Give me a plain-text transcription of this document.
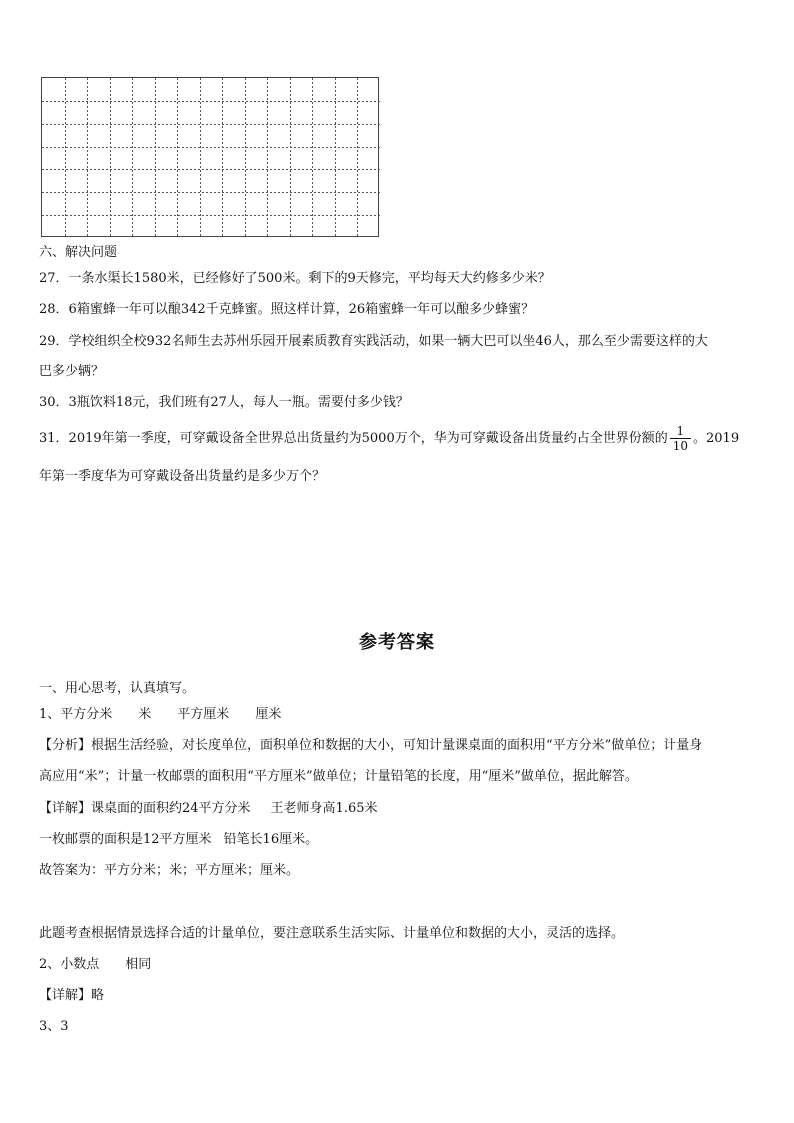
六、解决问题
27．一条水渠长1580米，已经修好了500米。剩下的9天修完，平均每天大约修多少米？
28．6箱蜜蜂一年可以酿342千克蜂蜜。照这样计算，26箱蜜蜂一年可以酿多少蜂蜜？
29．学校组织全校932名师生去苏州乐园开展素质教育实践活动，如果一辆大巴可以坐46人，那么至少需要这样的大
巴多少辆？
30．3瓶饮料18元，我们班有27人，每人一瓶。需要付多少钱？
31．2019年第一季度，可穿戴设备全世界总出货量约为5000万个，华为可穿戴设备出货量约占全世界份额的 $\frac{1}{10}$ 。2019
年第一季度华为可穿戴设备出货量约是多少万个？
参考答案
一、用心思考，认真填写。
1、平方分米 米 平方厘米 厘米
【分析】根据生活经验，对长度单位，面积单位和数据的大小，可知计量课桌面的面积用“平方分米”做单位；计量身
高应用“米”；计量一枚邮票的面积用“平方厘米”做单位；计量铅笔的长度，用“厘米”做单位，据此解答。
【详解】课桌面的面积约24平方分米 王老师身高1.65米
一枚邮票的面积是12平方厘米 铅笔长16厘米。
故答案为：平方分米；米；平方厘米；厘米。
此题考查根据情景选择合适的计量单位，要注意联系生活实际、计量单位和数据的大小，灵活的选择。
2、小数点 相同
【详解】略
3、3
